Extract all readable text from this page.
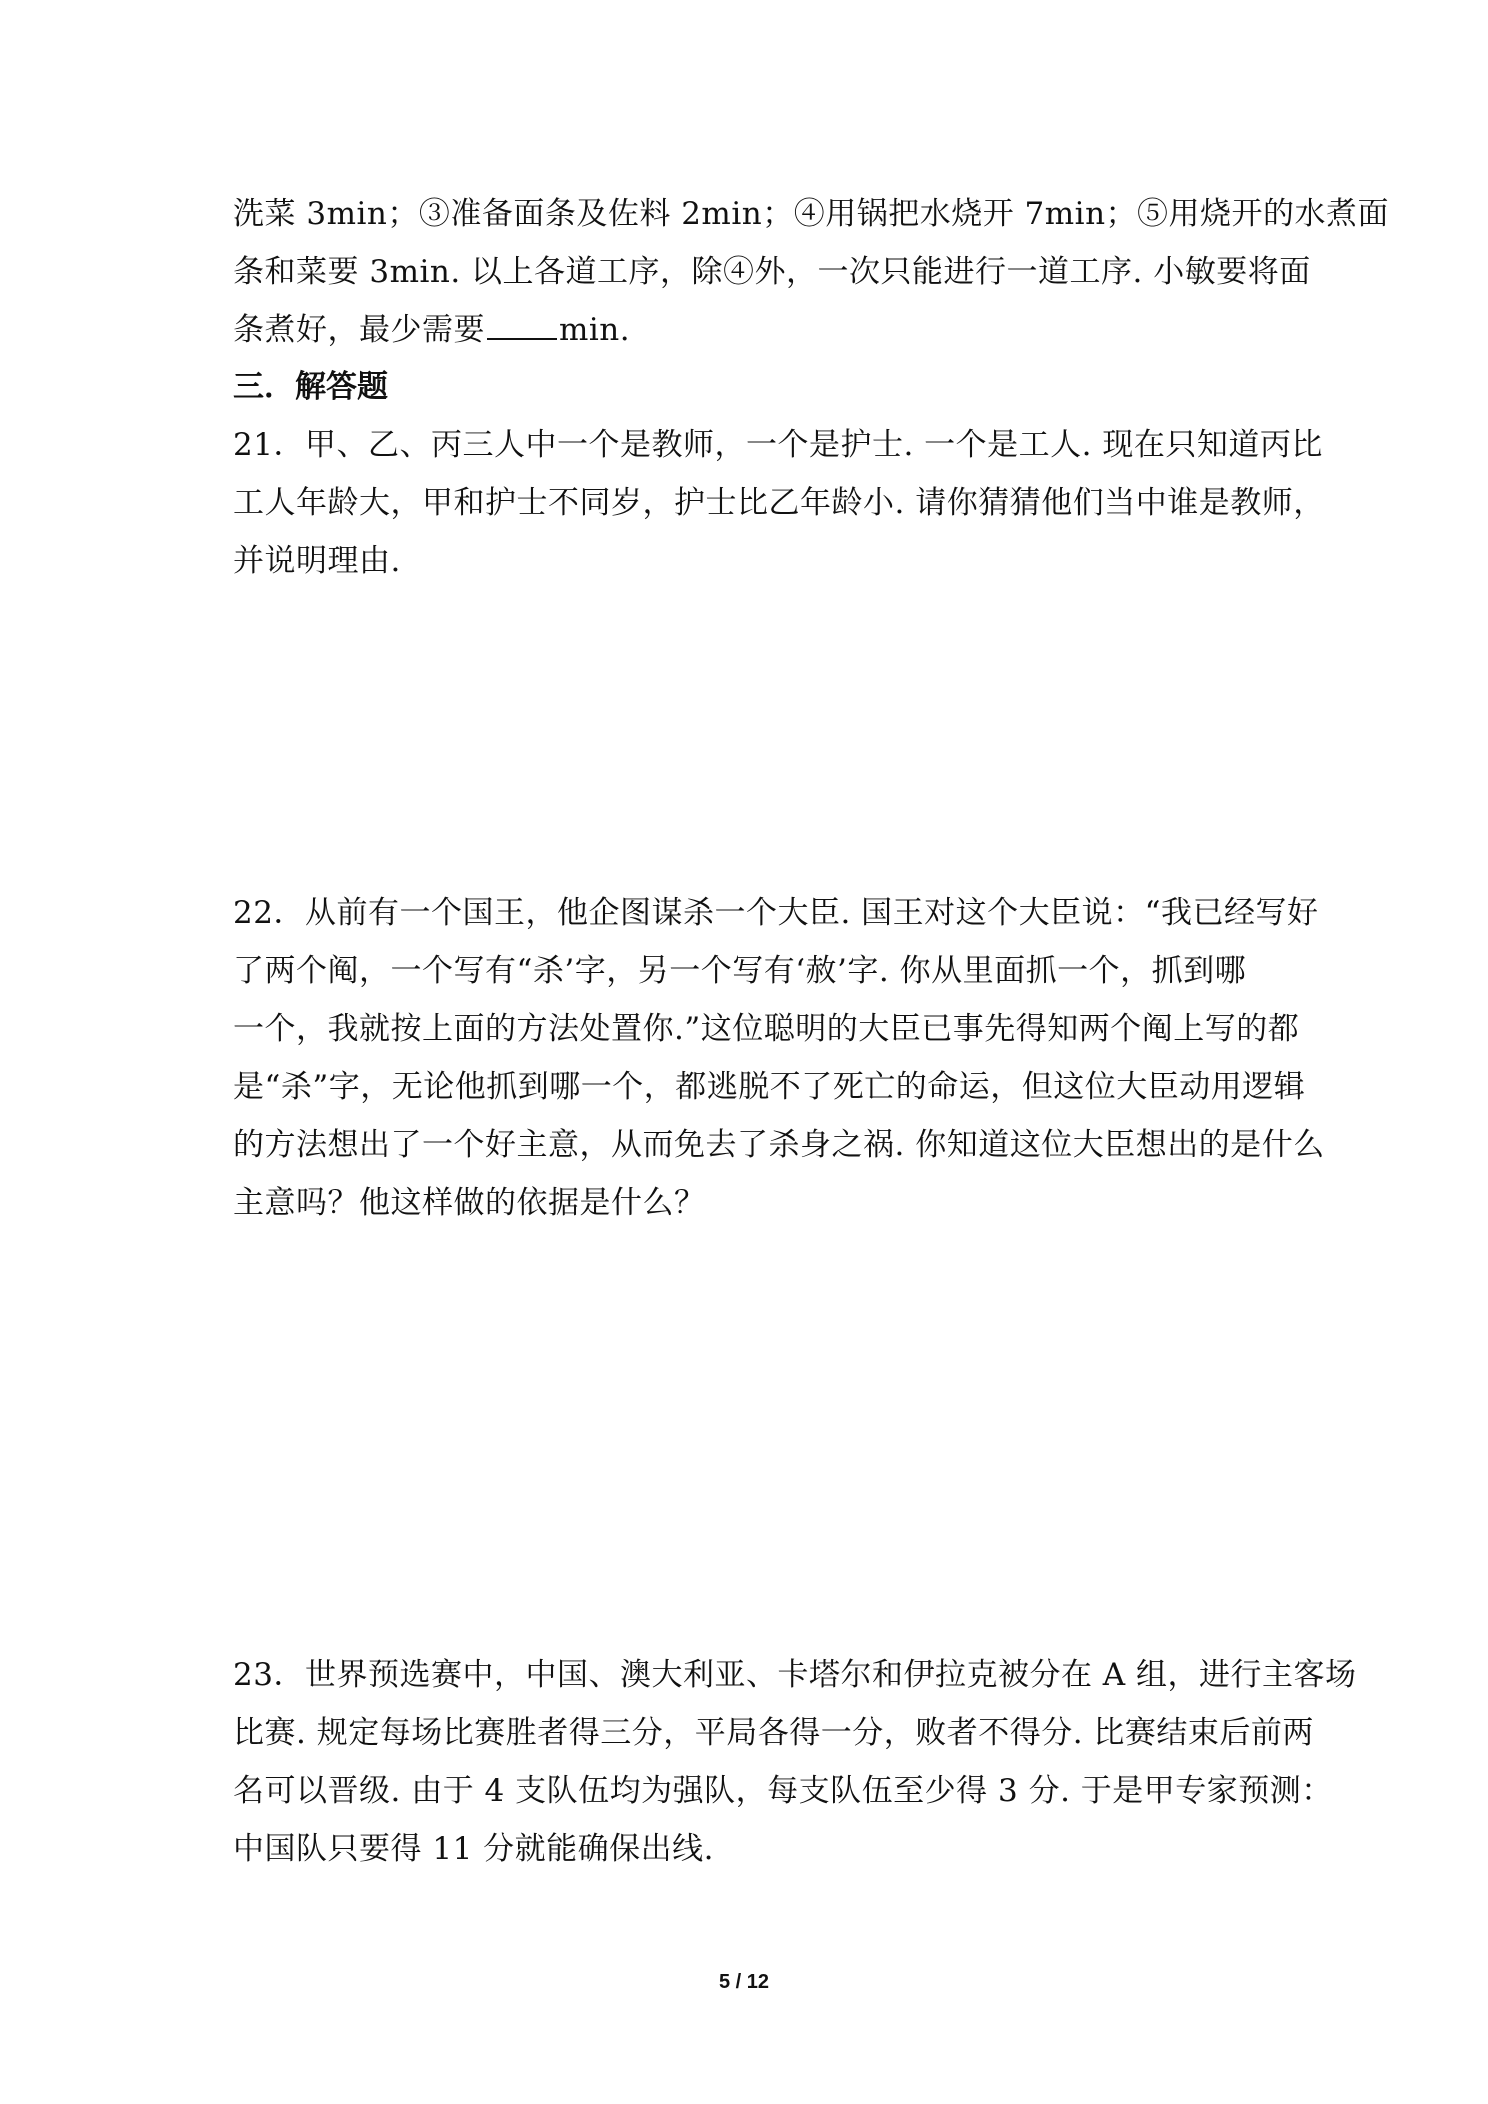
洗菜 3min；③准备面条及佐料 2min；④用锅把水烧开 7min；⑤用烧开的水煮面
条和菜要 3min. 以上各道工序，除④外，一次只能进行一道工序. 小敏要将面
条煮好，最少需要 min.
三．解答题
21．甲、乙、丙三人中一个是教师，一个是护士. 一个是工人. 现在只知道丙比
工人年龄大，甲和护士不同岁，护士比乙年龄小. 请你猜猜他们当中谁是教师，
并说明理由.
22．从前有一个国王，他企图谋杀一个大臣. 国王对这个大臣说：“我已经写好
了两个阄，一个写有“杀’字，另一个写有‘赦’字. 你从里面抓一个，抓到哪
一个，我就按上面的方法处置你.”这位聪明的大臣已事先得知两个阄上写的都
是“杀”字，无论他抓到哪一个，都逃脱不了死亡的命运，但这位大臣动用逻辑
的方法想出了一个好主意，从而免去了杀身之祸. 你知道这位大臣想出的是什么
主意吗？他这样做的依据是什么？
23．世界预选赛中，中国、澳大利亚、卡塔尔和伊拉克被分在 A 组，进行主客场
比赛. 规定每场比赛胜者得三分，平局各得一分，败者不得分. 比赛结束后前两
名可以晋级. 由于 4 支队伍均为强队，每支队伍至少得 3 分. 于是甲专家预测：
中国队只要得 11 分就能确保出线.
5 / 12
